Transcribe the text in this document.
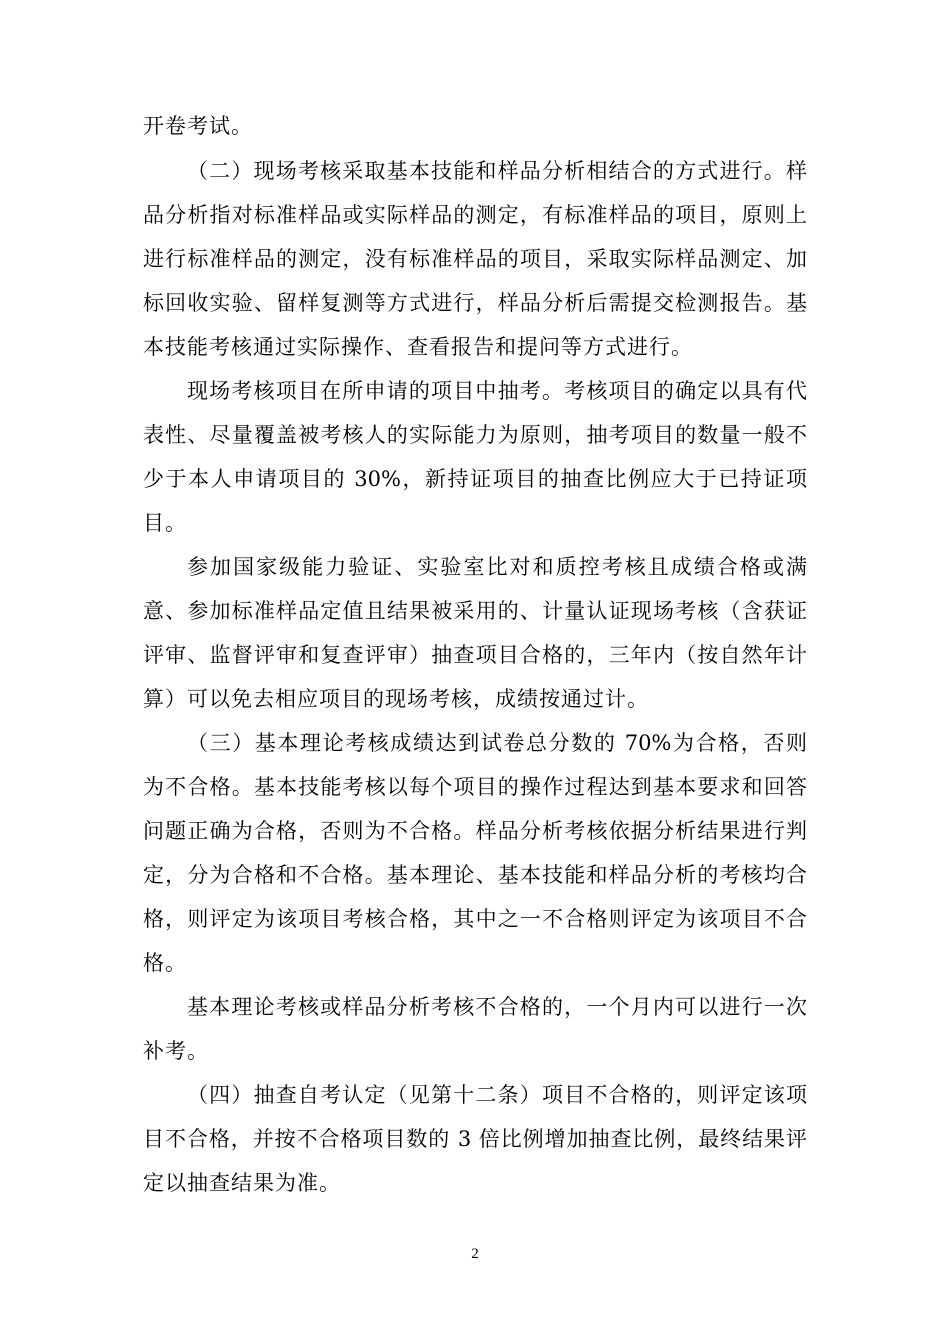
开卷考试。
（二）现场考核采取基本技能和样品分析相结合的方式进行。样
品分析指对标准样品或实际样品的测定，有标准样品的项目，原则上
进行标准样品的测定，没有标准样品的项目，采取实际样品测定、加
标回收实验、留样复测等方式进行，样品分析后需提交检测报告。基
本技能考核通过实际操作、查看报告和提问等方式进行。
现场考核项目在所申请的项目中抽考。考核项目的确定以具有代
表性、尽量覆盖被考核人的实际能力为原则，抽考项目的数量一般不
少于本人申请项目的 30%，新持证项目的抽查比例应大于已持证项
目。
参加国家级能力验证、实验室比对和质控考核且成绩合格或满
意、参加标准样品定值且结果被采用的、计量认证现场考核（含获证
评审、监督评审和复查评审）抽查项目合格的，三年内（按自然年计
算）可以免去相应项目的现场考核，成绩按通过计。
（三）基本理论考核成绩达到试卷总分数的 70%为合格，否则
为不合格。基本技能考核以每个项目的操作过程达到基本要求和回答
问题正确为合格，否则为不合格。样品分析考核依据分析结果进行判
定，分为合格和不合格。基本理论、基本技能和样品分析的考核均合
格，则评定为该项目考核合格，其中之一不合格则评定为该项目不合
格。
基本理论考核或样品分析考核不合格的，一个月内可以进行一次
补考。
（四）抽查自考认定（见第十二条）项目不合格的，则评定该项
目不合格，并按不合格项目数的 3 倍比例增加抽查比例，最终结果评
定以抽查结果为准。
2
